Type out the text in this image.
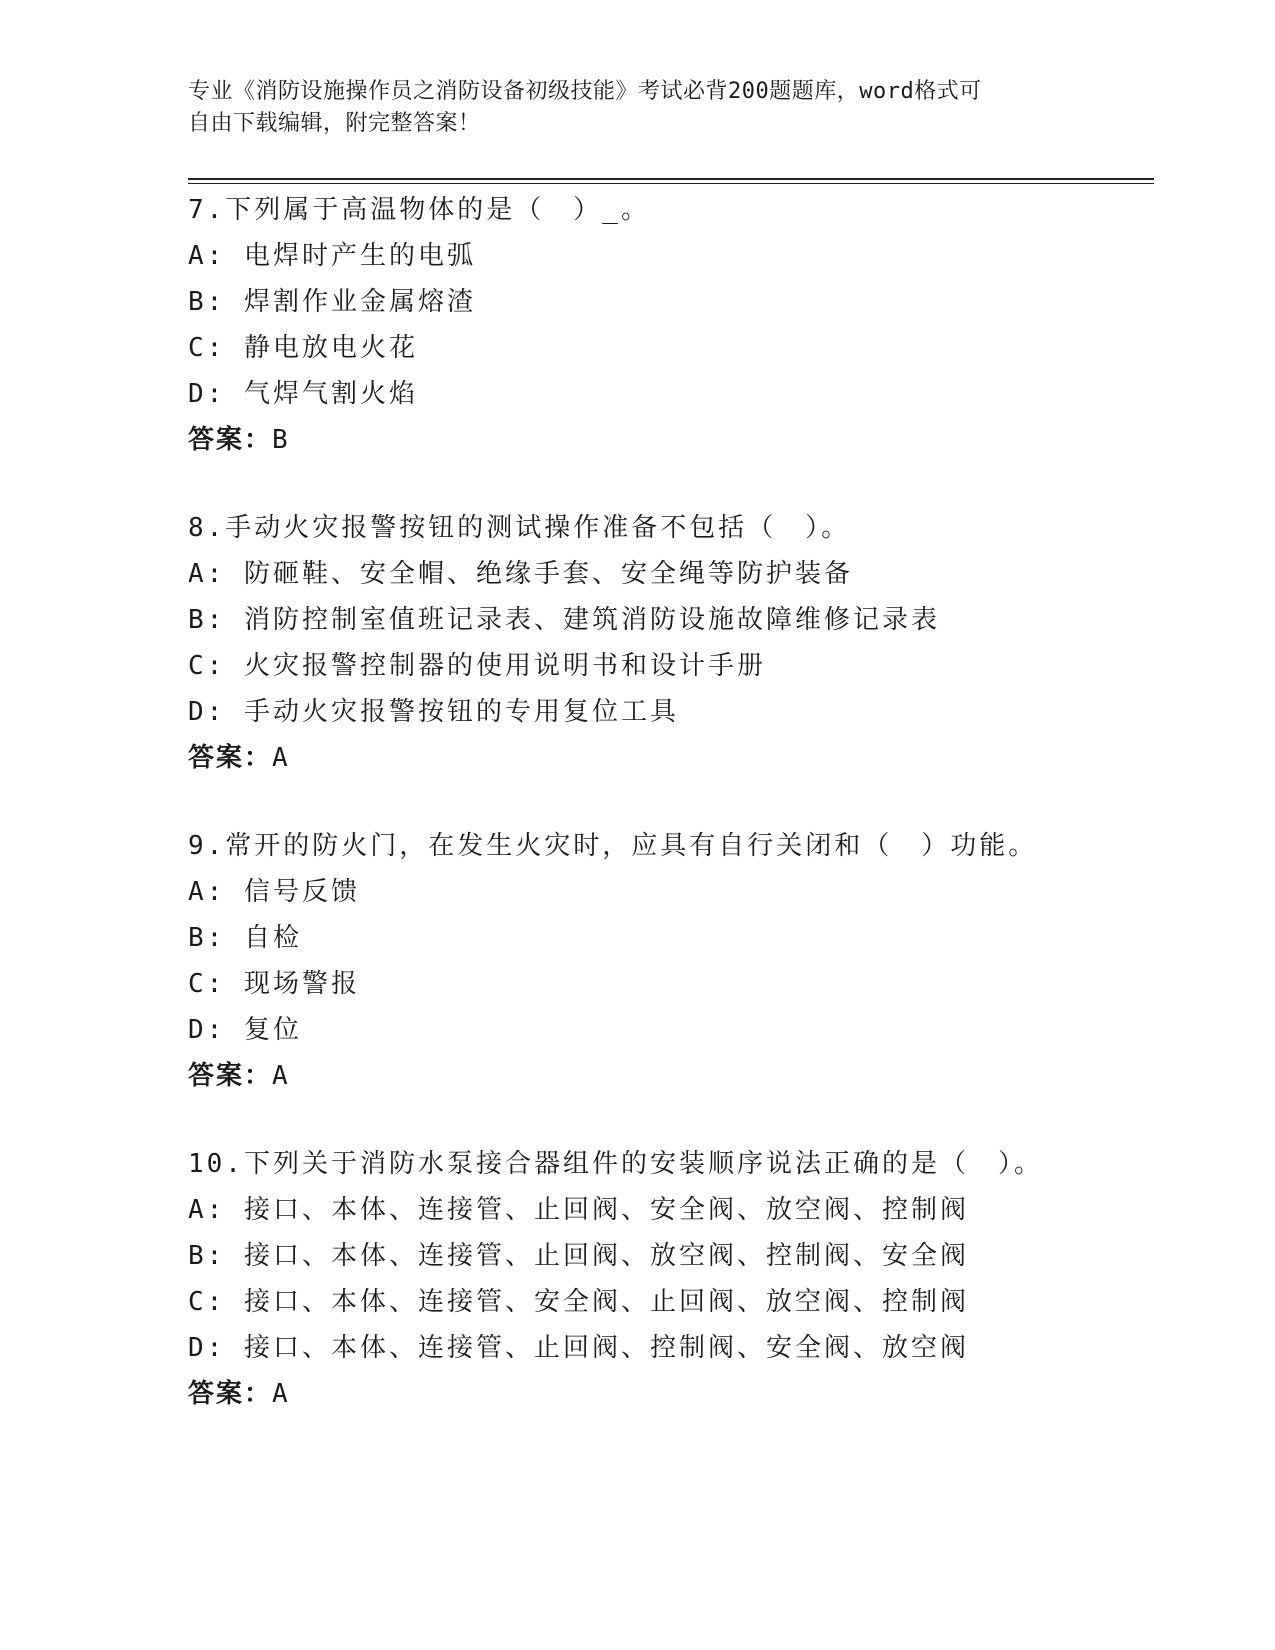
专业《消防设施操作员之消防设备初级技能》考试必背200题题库，word格式可
自由下载编辑，附完整答案！
7.下列属于高温物体的是（　）_。
A: 电焊时产生的电弧
B: 焊割作业金属熔渣
C: 静电放电火花
D: 气焊气割火焰
答案：B
8.手动火灾报警按钮的测试操作准备不包括（　）。
A: 防砸鞋、安全帽、绝缘手套、安全绳等防护装备
B: 消防控制室值班记录表、建筑消防设施故障维修记录表
C: 火灾报警控制器的使用说明书和设计手册
D: 手动火灾报警按钮的专用复位工具
答案：A
9.常开的防火门，在发生火灾时，应具有自行关闭和（　）功能。
A: 信号反馈
B: 自检
C: 现场警报
D: 复位
答案：A
10.下列关于消防水泵接合器组件的安装顺序说法正确的是（　）。
A: 接口、本体、连接管、止回阀、安全阀、放空阀、控制阀
B: 接口、本体、连接管、止回阀、放空阀、控制阀、安全阀
C: 接口、本体、连接管、安全阀、止回阀、放空阀、控制阀
D: 接口、本体、连接管、止回阀、控制阀、安全阀、放空阀
答案：A
